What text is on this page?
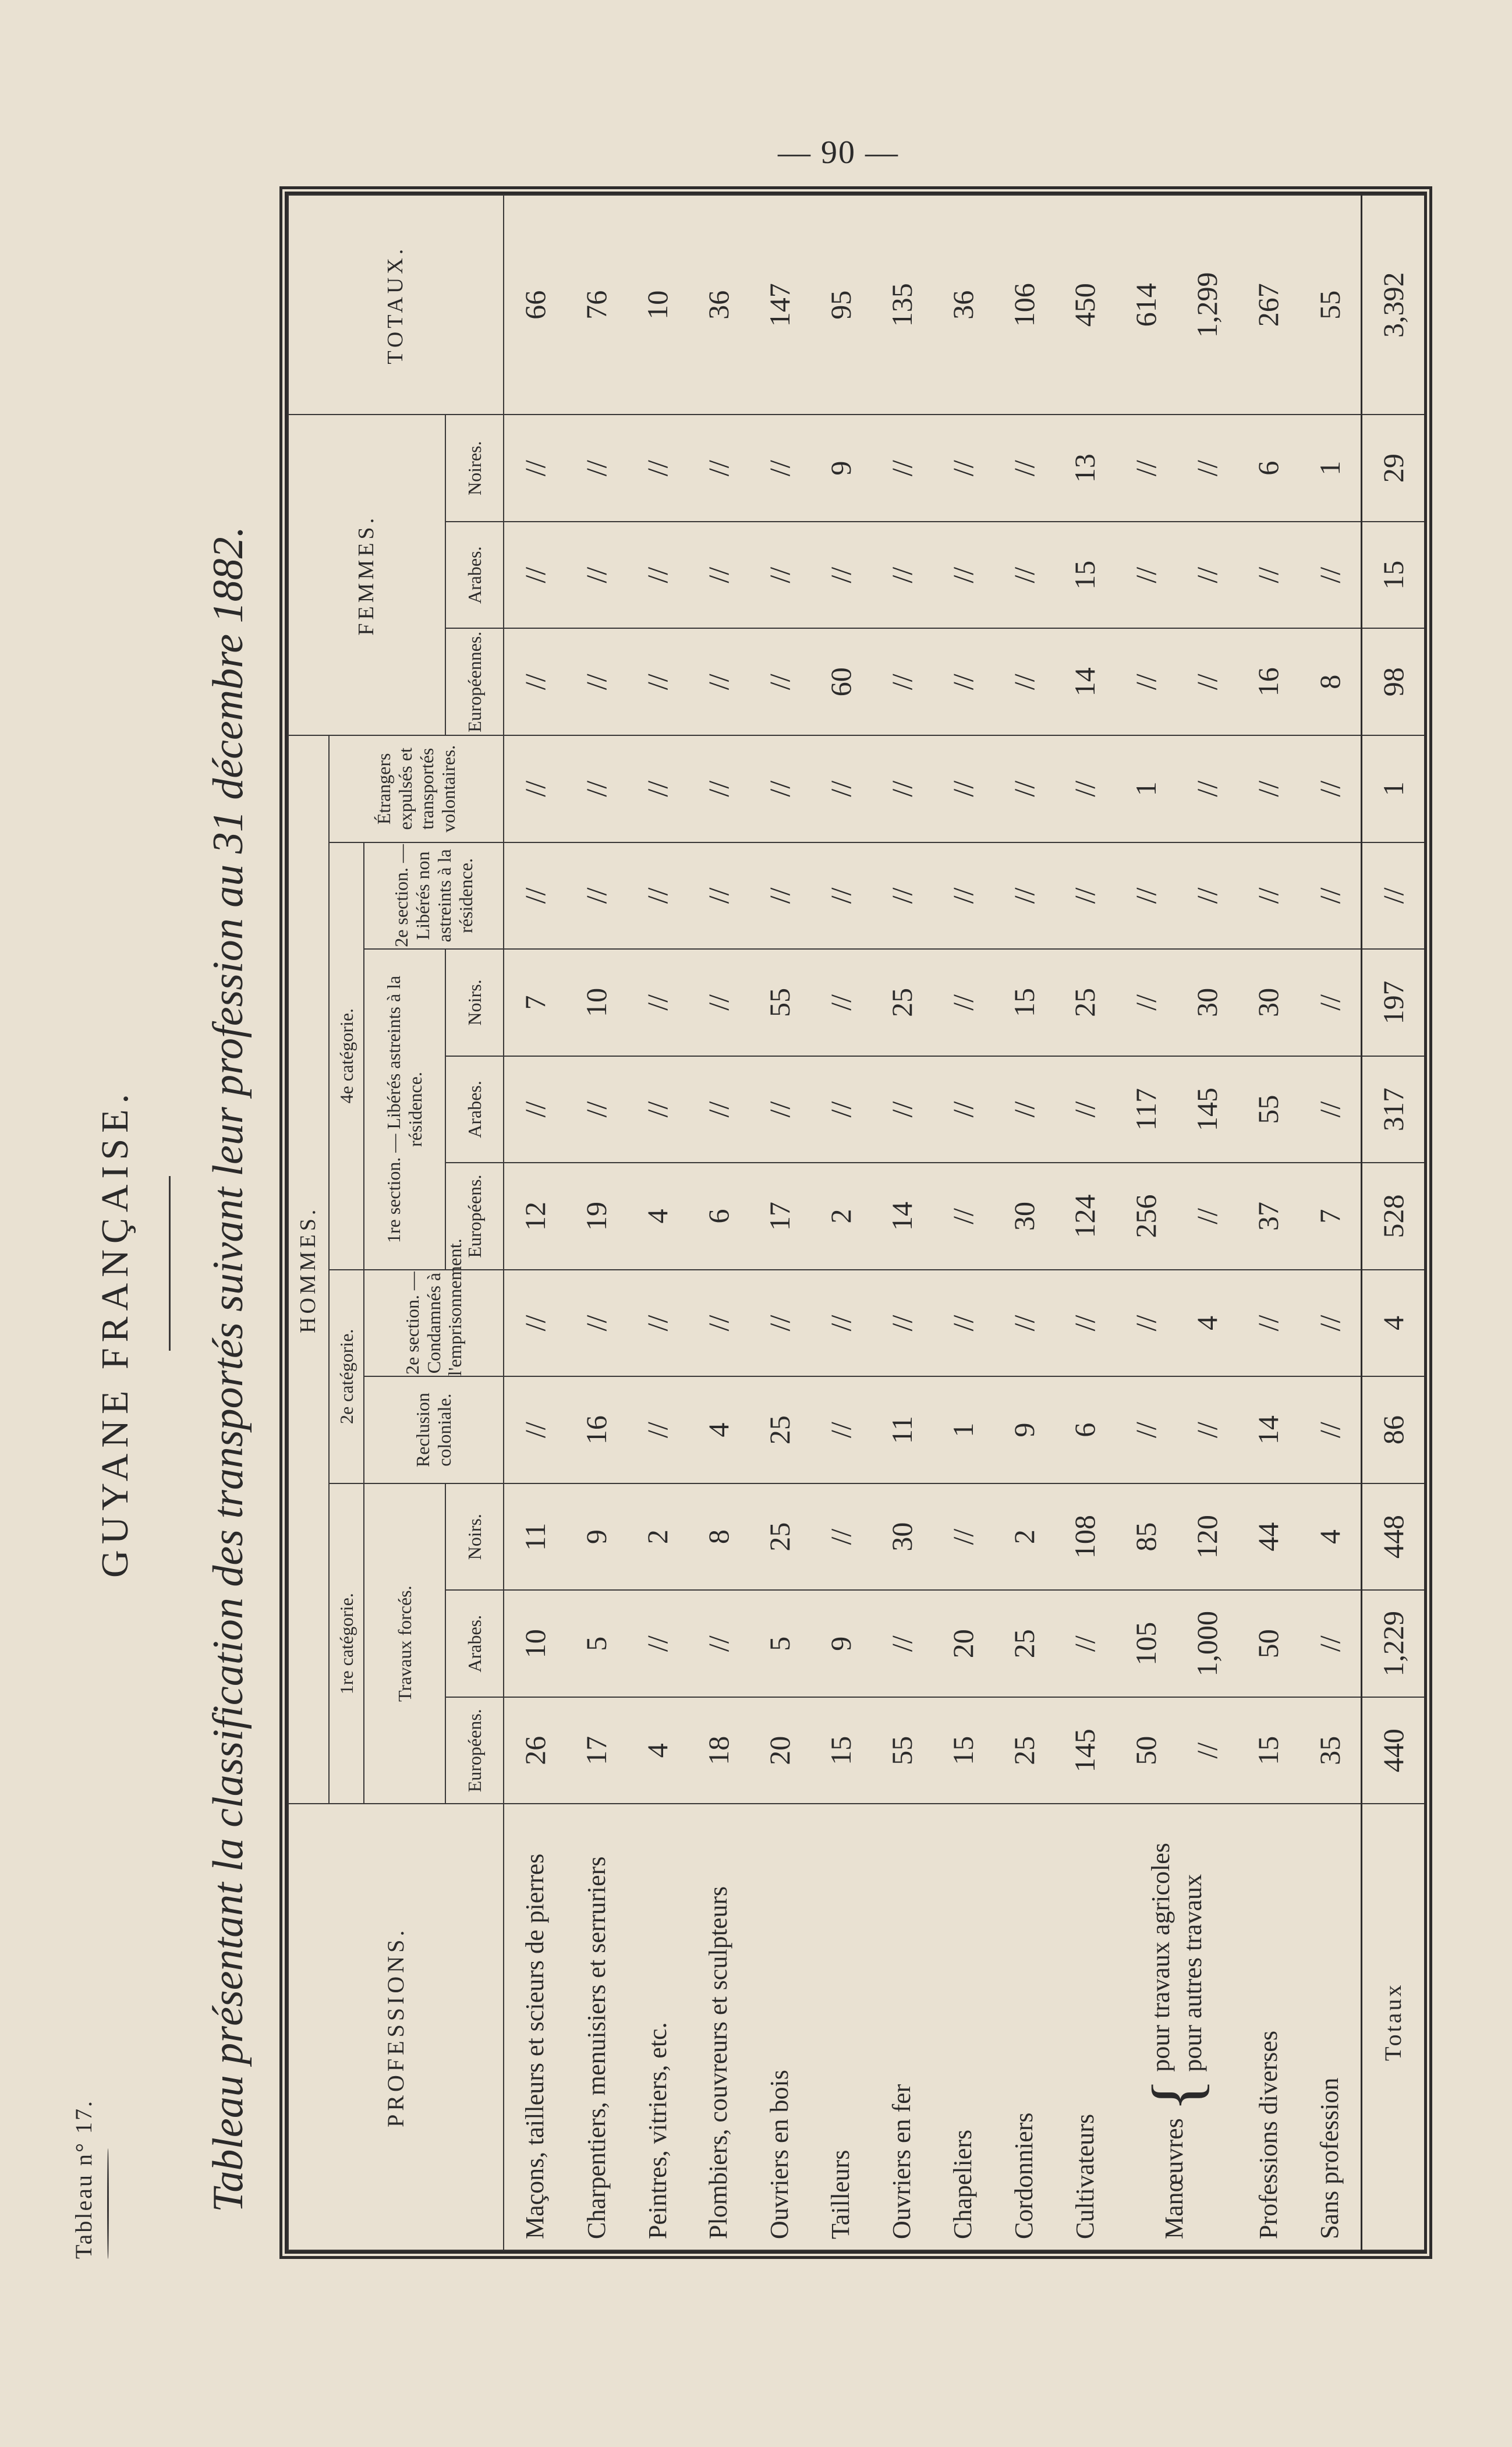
— 90 —
Tableau n° 17.
GUYANE FRANÇAISE. Tableau présentant la classification des transportés suivant leur profession au 31 décembre 1882.	PROFESSIONS.	HOMMES.										FEMMES.			TOTAUX.
	1re catégorie.			2e catégorie.		4e catégorie.				Étrangers
expulsés et transportés volontaires.				
	Travaux forcés.			Reclusion coloniale.	2e section. — Condamnés à l'emprisonnement.	1re section. — Libérés astreints à la résidence.			2e section. — Libérés non astreints à la résidence.					
	Européens.	Arabes.	Noirs.			Européens.	Arabes.	Noirs.			Européennes.	Arabes.	Noires.	
Maçons, tailleurs et scieurs de pierres	26	10	11	//	//	12	//	7	//	//	//	//	//	66
Charpentiers, menuisiers et serruriers	17	5	9	16	//	19	//	10	//	//	//	//	//	76
Peintres, vitriers, etc.	4	//	2	//	//	4	//	//	//	//	//	//	//	10
Plombiers, couvreurs et sculpteurs	18	//	8	4	//	6	//	//	//	//	//	//	//	36
Ouvriers en bois	20	5	25	25	//	17	//	55	//	//	//	//	//	147
Tailleurs	15	9	//	//	//	2	//	//	//	//	60	//	9	95
Ouvriers en fer	55	//	30	11	//	14	//	25	//	//	//	//	//	135
Chapeliers	15	20	//	1	//	//	//	//	//	//	//	//	//	36
Cordonniers	25	25	2	9	//	30	//	15	//	//	//	//	//	106
Cultivateurs	145	//	108	6	//	124	//	25	//	//	14	15	13	450
Manœuvres { pour travaux agricoles pour autres travaux	50	105	85	//	//	256	117	//	//	1	//	//	//	614
	//	1,000	120	//	4	//	145	30	//	//	//	//	//	1,299
Professions diverses	15	50	44	14	//	37	55	30	//	//	16	//	6	267
Sans profession	35	//	4	//	//	7	//	//	//	//	8	//	1	55
Totaux	440	1,229	448	86	4	528	317	197	//	1	98	15	29	3,392
